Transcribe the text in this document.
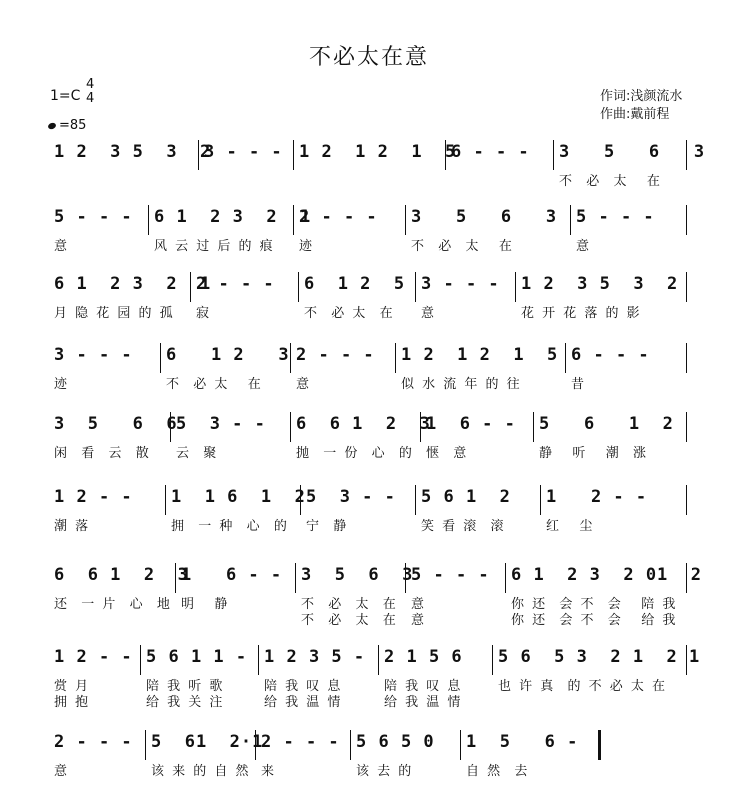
不必太在意
1=C
4
4
=85
作词:浅颜流水
作曲:戴前程
1 2  3 5  3  2
3 - - - 1 2  1 2  1  5
6 - - - 3   5   6   3
不  必  太   在
5 - - -
意
6 1  2 3  2  1
风 云 过 后 的 痕
2 - - -
迹
3   5   6   3
不  必  太   在
5 - - -
意
6 1  2 3  2  1
月 隐 花 园 的 孤
2 - - -
寂
6  1 2  5
不  必 太  在
3 - - -
意
1 2  3 5  3  2
花 开 花 落 的 影
3 - - -
迹
6   1 2   3
不  必 太   在
2 - - -
意
1 2  1 2  1  5
似 水 流 年 的 往
6 - - -
昔
3  5   6  6
闲  看  云  散
5  3 - -
云  聚
6  6 1  2  3
抛  一 份  心  的
1  6 - -
惬  意
5   6   1  2
静   听   潮  涨
1 2 - -
潮 落
1  1 6  1  2
拥  一 种  心  的
5  3 - -
宁  静
5 6 1  2
笑 看 滚  滚
1   2 - -
红   尘
6  6 1  2  3
还  一 片  心  地
1   6 - -
明   静
3  5  6  3
不  必  太  在
不  必  太  在
5 - - -
意
意
6 1  2 3  2 01  2
你 还  会 不  会   陪 我
你 还  会 不  会   给 我
1 2 - -
赏 月
拥 抱
5 6 1 1 -
陪 我 听 歌
给 我 关 注
1 2 3 5 -
陪 我 叹 息
给 我 温 情
2 1 5 6
陪 我 叹 息
给 我 温 情
5 6  5 3  2 1  2 1
也 许 真  的 不 必 太 在
2 - - -
意
5  61  2·1
该 来 的 自 然
2 - - -
来
5 6 5 0
该 去 的
1  5   6 -
自 然  去
